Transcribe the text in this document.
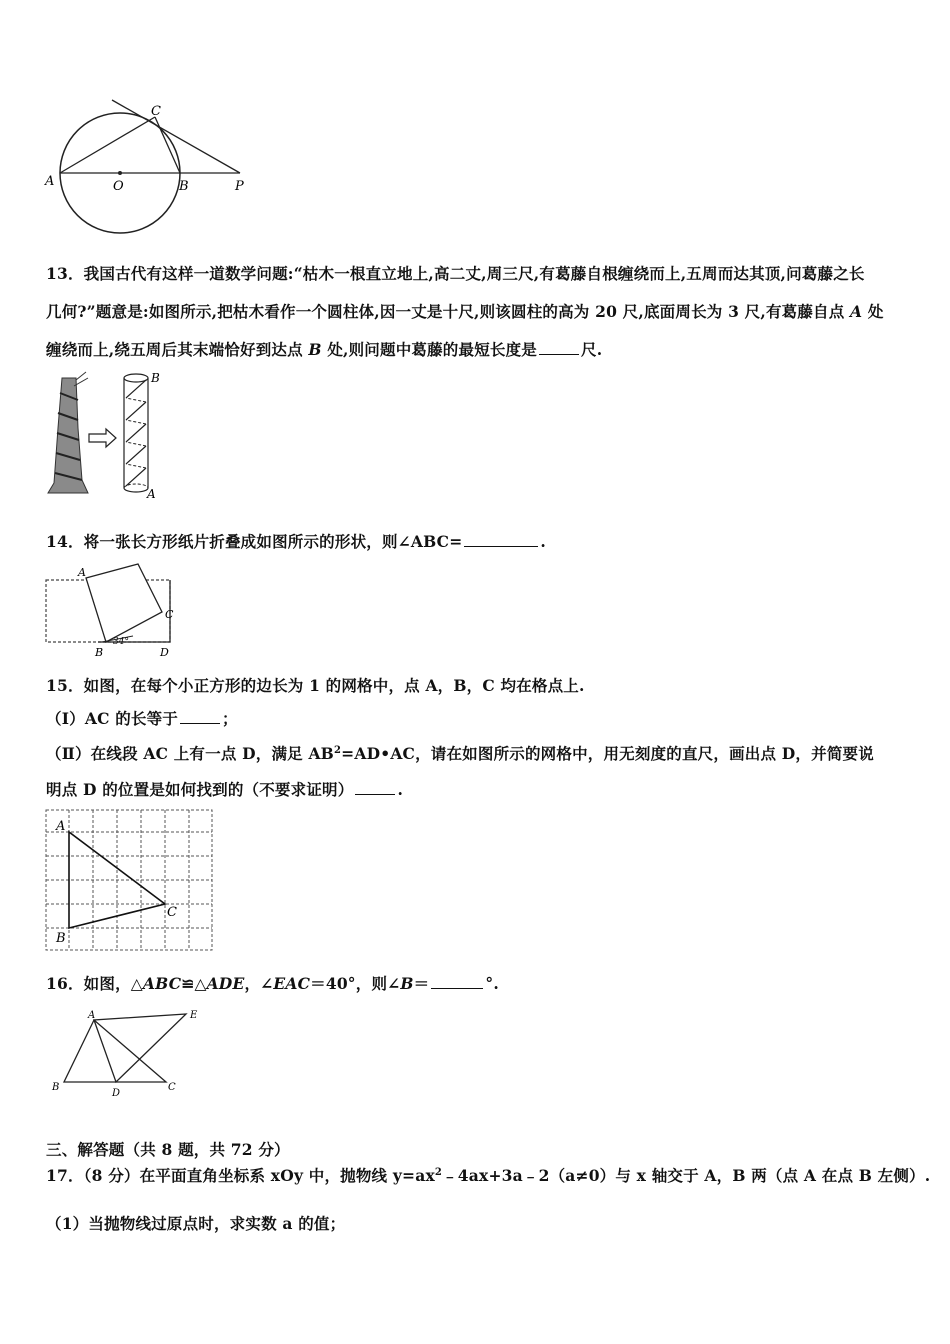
A	O	B	P
C
13．我国古代有这样一道数学问题:“枯木一根直立地上,高二丈,周三尺,有葛藤自根缠绕而上,五周而达其顶,问葛藤之长
几何?”题意是:如图所示,把枯木看作一个圆柱体,因一丈是十尺,则该圆柱的高为 20 尺,底面周长为 3 尺,有葛藤自点 A 处
缠绕而上,绕五周后其末端恰好到达点 B 处,则问题中葛藤的最短长度是	尺.
B
A
14．将一张长方形纸片折叠成如图所示的形状，则∠ABC=	.
A
C
B	D
34°
15．如图，在每个小正方形的边长为 1 的网格中，点 A，B，C 均在格点上.
（Ⅰ）AC 的长等于	；
（Ⅱ）在线段 AC 上有一点 D，满足 $AB^2=AD•AC$，请在如图所示的网格中，用无刻度的直尺，画出点 D，并简要说
明点 D 的位置是如何找到的（不要求证明）	.
A
B
C
16．如图，△ABC≌△ADE，∠EAC＝40°，则∠B＝	°.
A	E
B
D
C
三、解答题（共 8 题，共 72 分）
17．（8 分）在平面直角坐标系 xOy 中，抛物线 $y=ax^2﹣4ax+3a﹣2(a\ne 0)$与 x 轴交于 A，B 两（点 A 在点 B 左侧）.
（1）当抛物线过原点时，求实数 a 的值；
